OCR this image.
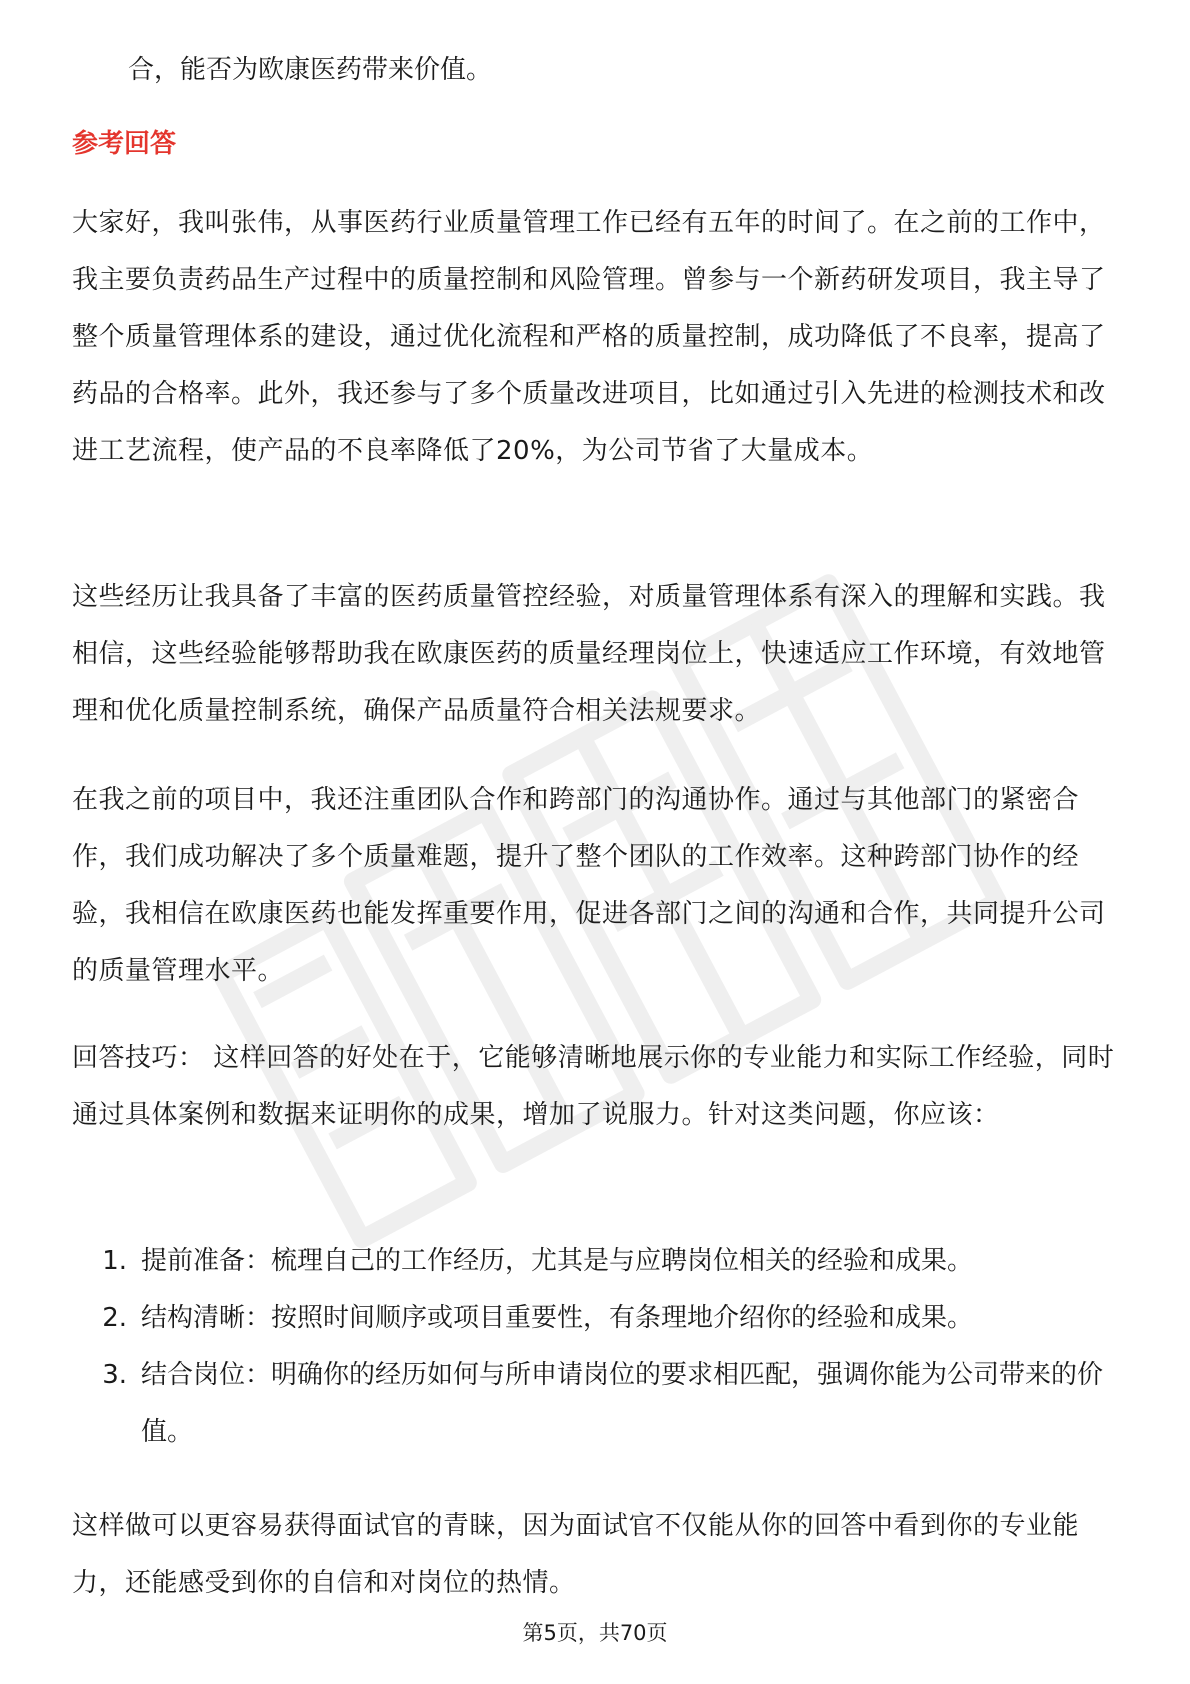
合，能否为欧康医药带来价值。
参考回答
大家好，我叫张伟，从事医药行业质量管理工作已经有五年的时间了。在之前的工作中，我主要负责药品生产过程中的质量控制和风险管理。曾参与一个新药研发项目，我主导了整个质量管理体系的建设，通过优化流程和严格的质量控制，成功降低了不良率，提高了药品的合格率。此外，我还参与了多个质量改进项目，比如通过引入先进的检测技术和改进工艺流程，使产品的不良率降低了20%，为公司节省了大量成本。
这些经历让我具备了丰富的医药质量管控经验，对质量管理体系有深入的理解和实践。我相信，这些经验能够帮助我在欧康医药的质量经理岗位上，快速适应工作环境，有效地管理和优化质量控制系统，确保产品质量符合相关法规要求。
在我之前的项目中，我还注重团队合作和跨部门的沟通协作。通过与其他部门的紧密合作，我们成功解决了多个质量难题，提升了整个团队的工作效率。这种跨部门协作的经验，我相信在欧康医药也能发挥重要作用，促进各部门之间的沟通和合作，共同提升公司的质量管理水平。
回答技巧： 这样回答的好处在于，它能够清晰地展示你的专业能力和实际工作经验，同时通过具体案例和数据来证明你的成果，增加了说服力。针对这类问题，你应该：
1. 提前准备：梳理自己的工作经历，尤其是与应聘岗位相关的经验和成果。
2. 结构清晰：按照时间顺序或项目重要性，有条理地介绍你的经验和成果。
3. 结合岗位：明确你的经历如何与所申请岗位的要求相匹配，强调你能为公司带来的价值。
这样做可以更容易获得面试官的青睐，因为面试官不仅能从你的回答中看到你的专业能力，还能感受到你的自信和对岗位的热情。
第5页，共70页
